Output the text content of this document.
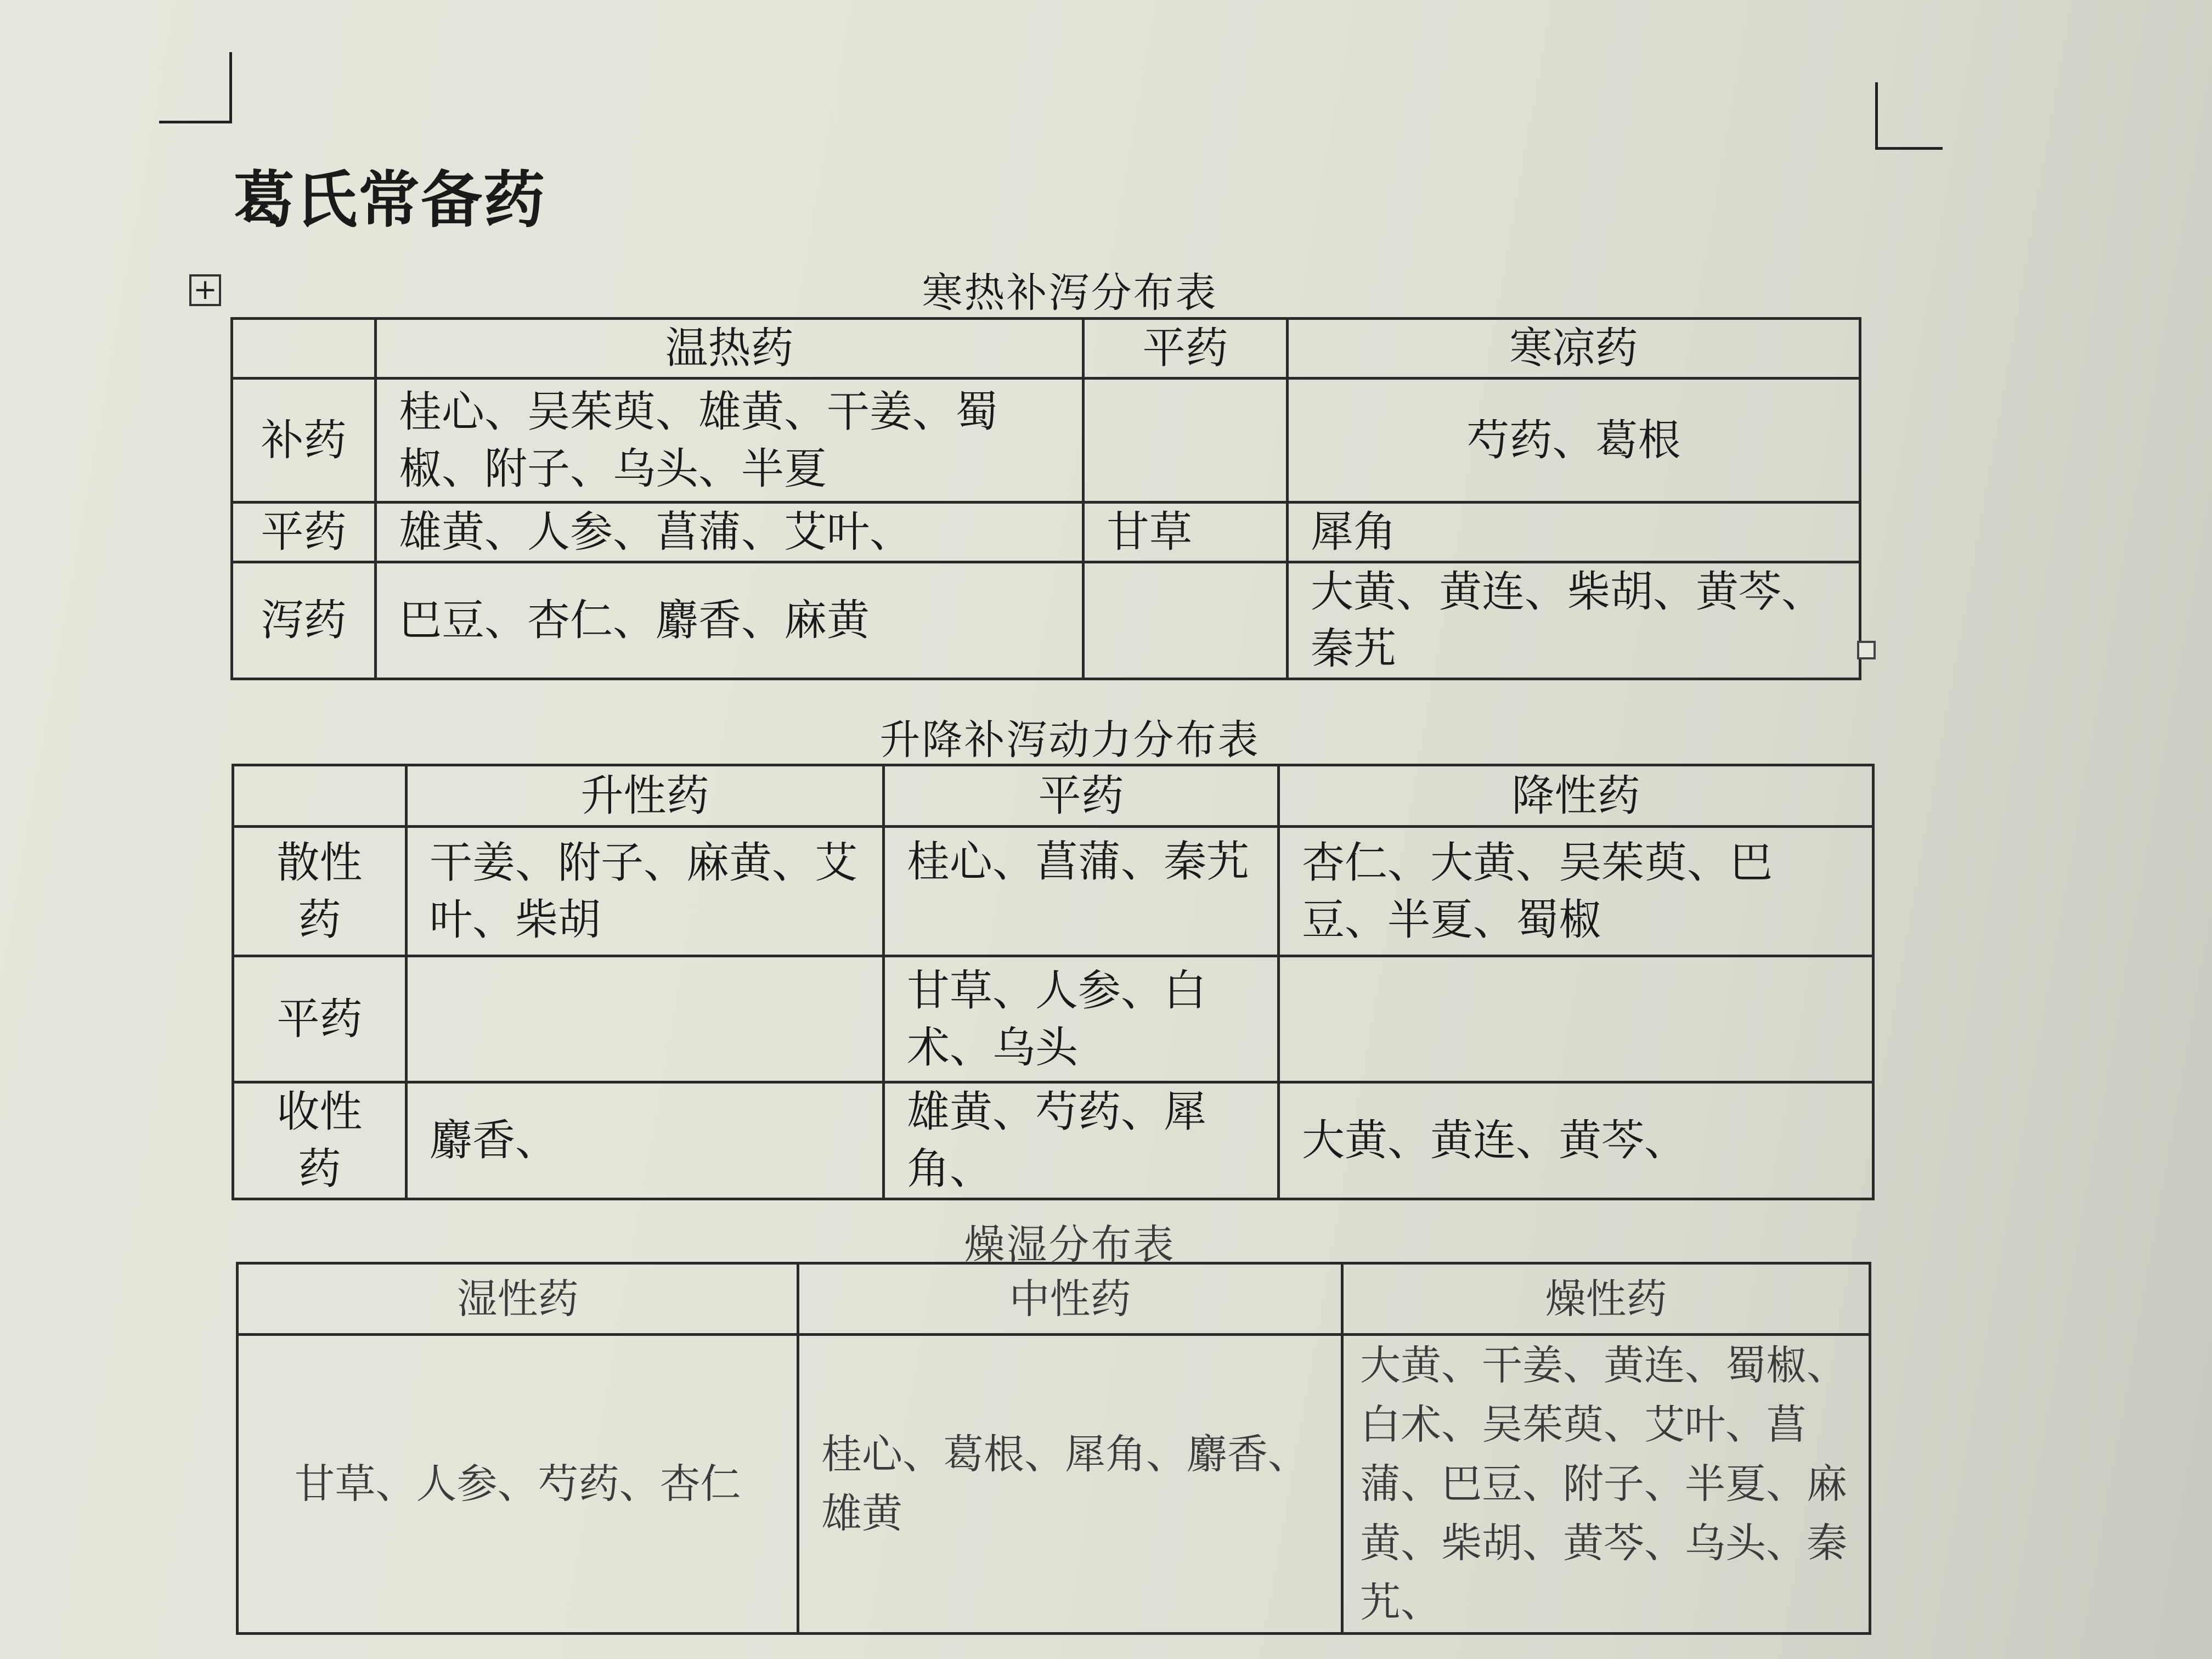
葛氏常备药
+	寒热补泻分布表
	温热药	平药	寒凉药
补药	桂心、吴茱萸、雄黄、干姜、蜀椒、附子、乌头、半夏		芍药、葛根
平药	雄黄、人参、菖蒲、艾叶、	甘草	犀角
泻药	巴豆、杏仁、麝香、麻黄		大黄、黄连、柴胡、黄芩、秦艽
升降补泻动力分布表
	升性药	平药	降性药
散性药	干姜、附子、麻黄、艾叶、柴胡	桂心、菖蒲、秦艽	杏仁、大黄、吴茱萸、巴豆、半夏、蜀椒
平药		甘草、人参、白术、乌头	
收性药	麝香、	雄黄、芍药、犀角、	大黄、黄连、黄芩、
燥湿分布表
湿性药	中性药	燥性药
甘草、人参、芍药、杏仁	桂心、葛根、犀角、麝香、雄黄	大黄、干姜、黄连、蜀椒、白术、吴茱萸、艾叶、菖蒲、巴豆、附子、半夏、麻黄、柴胡、黄芩、乌头、秦艽、
